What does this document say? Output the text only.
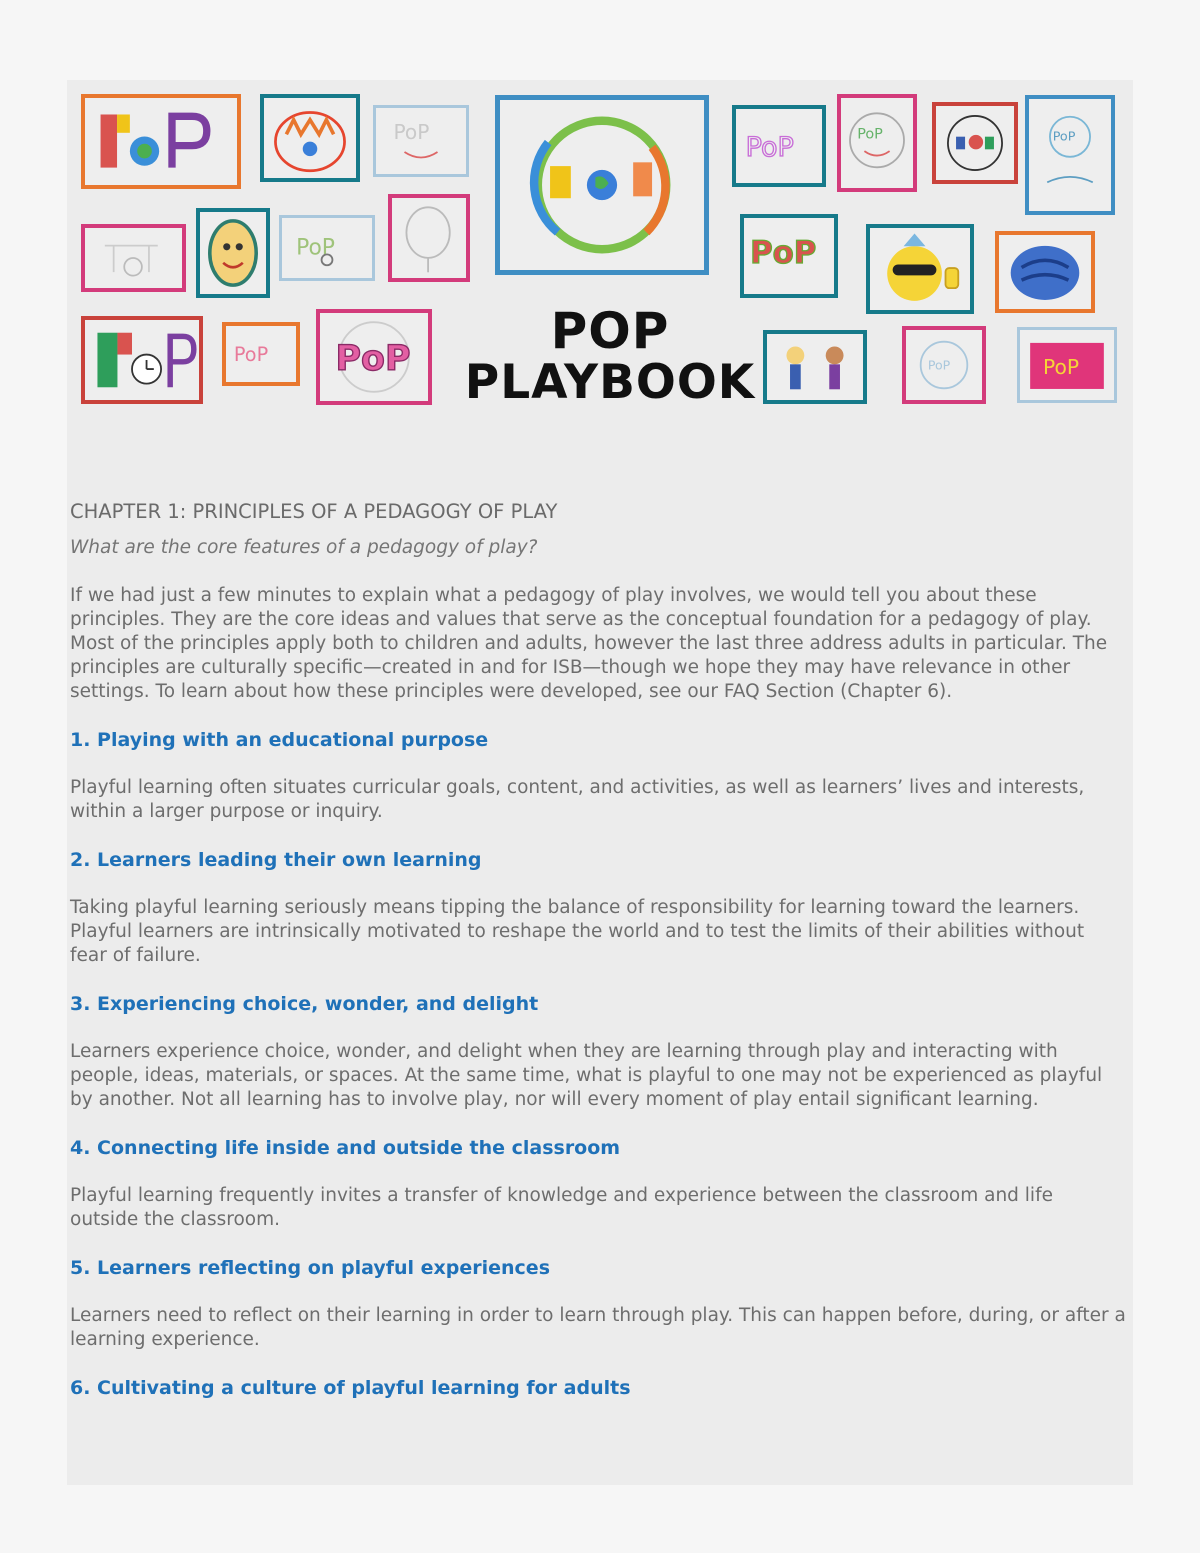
PoP	PoP	PoP	PoP
PoP	PoP
PoP PoP	PoP	PoP
POP
PLAYBOOK
CHAPTER 1: PRINCIPLES OF A PEDAGOGY OF PLAY
What are the core features of a pedagogy of play?
If we had just a few minutes to explain what a pedagogy of play involves, we would tell you about these principles. They are the core ideas and values that serve as the conceptual foundation for a pedagogy of play. Most of the principles apply both to children and adults, however the last three address adults in particular. The principles are culturally specific—created in and for ISB—though we hope they may have relevance in other settings. To learn about how these principles were developed, see our FAQ Section (Chapter 6).
1. Playing with an educational purpose
Playful learning often situates curricular goals, content, and activities, as well as learners’ lives and interests, within a larger purpose or inquiry.
2. Learners leading their own learning
Taking playful learning seriously means tipping the balance of responsibility for learning toward the learners. Playful learners are intrinsically motivated to reshape the world and to test the limits of their abilities without fear of failure.
3. Experiencing choice, wonder, and delight
Learners experience choice, wonder, and delight when they are learning through play and interacting with people, ideas, materials, or spaces. At the same time, what is playful to one may not be experienced as playful by another. Not all learning has to involve play, nor will every moment of play entail significant learning.
4. Connecting life inside and outside the classroom
Playful learning frequently invites a transfer of knowledge and experience between the classroom and life outside the classroom.
5. Learners reflecting on playful experiences
Learners need to reflect on their learning in order to learn through play. This can happen before, during, or after a learning experience.
6. Cultivating a culture of playful learning for adults
